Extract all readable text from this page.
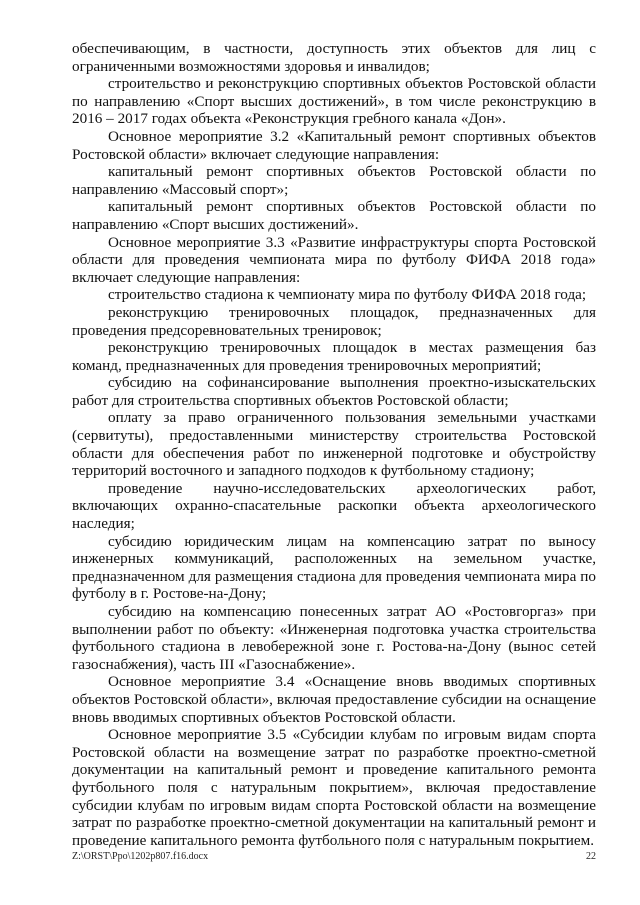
обеспечивающим, в частности, доступность этих объектов для лиц с ограниченными возможностями здоровья и инвалидов;

строительство и реконструкцию спортивных объектов Ростовской области по направлению «Спорт высших достижений», в том числе реконструкцию в 2016 – 2017 годах объекта «Реконструкция гребного канала «Дон».

Основное мероприятие 3.2 «Капитальный ремонт спортивных объектов Ростовской области» включает следующие направления:

капитальный ремонт спортивных объектов Ростовской области по направлению «Массовый спорт»;

капитальный ремонт спортивных объектов Ростовской области по направлению «Спорт высших достижений».

Основное мероприятие 3.3 «Развитие инфраструктуры спорта Ростовской области для проведения чемпионата мира по футболу ФИФА 2018 года» включает следующие направления:

строительство стадиона к чемпионату мира по футболу ФИФА 2018 года;

реконструкцию тренировочных площадок, предназначенных для проведения предсоревновательных тренировок;

реконструкцию тренировочных площадок в местах размещения баз команд, предназначенных для проведения тренировочных мероприятий;

субсидию на софинансирование выполнения проектно-изыскательских работ для строительства спортивных объектов Ростовской области;

оплату за право ограниченного пользования земельными участками (сервитуты), предоставленными министерству строительства Ростовской области для обеспечения работ по инженерной подготовке и обустройству территорий восточного и западного подходов к футбольному стадиону;

проведение научно-исследовательских археологических работ, включающих охранно-спасательные раскопки объекта археологического наследия;

субсидию юридическим лицам на компенсацию затрат по выносу инженерных коммуникаций, расположенных на земельном участке, предназначенном для размещения стадиона для проведения чемпионата мира по футболу в г. Ростове-на-Дону;

субсидию на компенсацию понесенных затрат АО «Ростовгоргаз» при выполнении работ по объекту: «Инженерная подготовка участка строительства футбольного стадиона в левобережной зоне г. Ростова-на-Дону (вынос сетей газоснабжения), часть III «Газоснабжение».

Основное мероприятие 3.4 «Оснащение вновь вводимых спортивных объектов Ростовской области», включая предоставление субсидии на оснащение вновь вводимых спортивных объектов Ростовской области.

Основное мероприятие 3.5 «Субсидии клубам по игровым видам спорта Ростовской области на возмещение затрат по разработке проектно-сметной документации на капитальный ремонт и проведение капитального ремонта футбольного поля с натуральным покрытием», включая предоставление субсидии клубам по игровым видам спорта Ростовской области на возмещение затрат по разработке проектно-сметной документации на капитальный ремонт и проведение капитального ремонта футбольного поля с натуральным покрытием.

Z:\ORST\Ppo\1202p807.f16.docx	22
